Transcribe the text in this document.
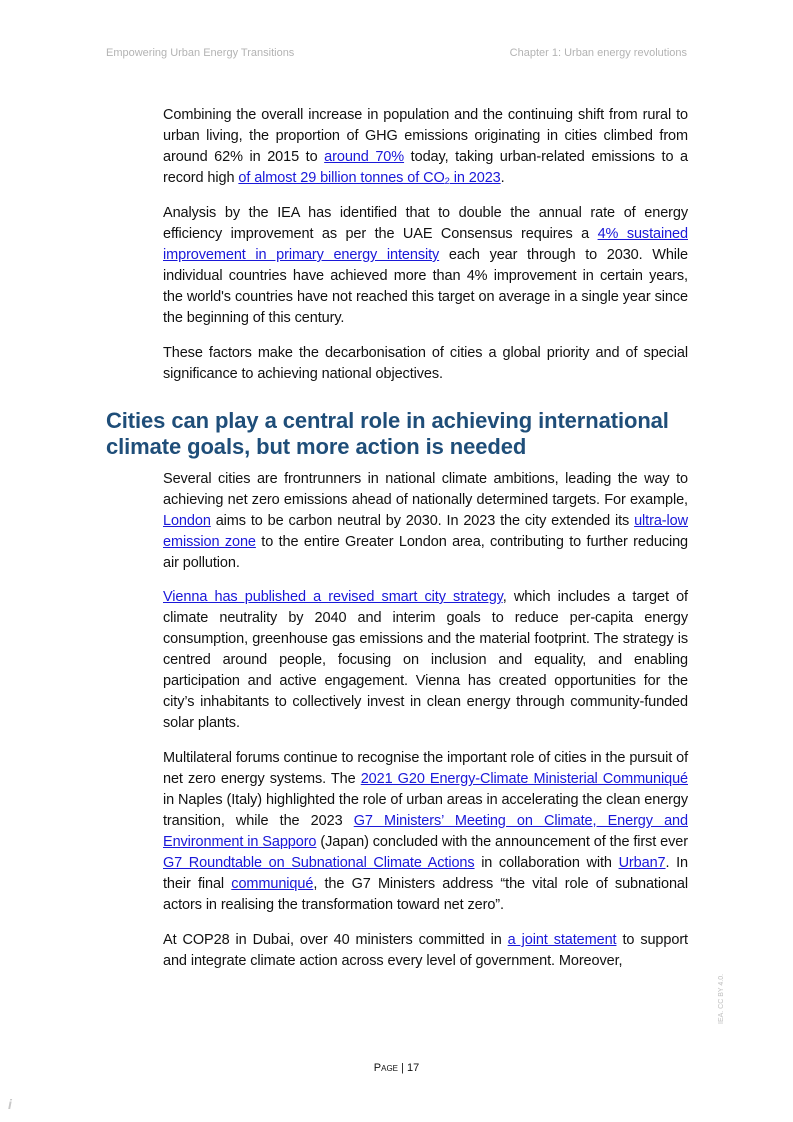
Empowering Urban Energy Transitions	Chapter 1: Urban energy revolutions

Combining the overall increase in population and the continuing shift from rural to urban living, the proportion of GHG emissions originating in cities climbed from around 62% in 2015 to around 70% today, taking urban-related emissions to a record high of almost 29 billion tonnes of $CO_2$ in 2023.

Analysis by the IEA has identified that to double the annual rate of energy efficiency improvement as per the UAE Consensus requires a 4% sustained improvement in primary energy intensity each year through to 2030. While individual countries have achieved more than 4% improvement in certain years, the world's countries have not reached this target on average in a single year since the beginning of this century.

These factors make the decarbonisation of cities a global priority and of special significance to achieving national objectives.

Cities can play a central role in achieving international climate goals, but more action is needed

Several cities are frontrunners in national climate ambitions, leading the way to achieving net zero emissions ahead of nationally determined targets. For example, London aims to be carbon neutral by 2030. In 2023 the city extended its ultra-low emission zone to the entire Greater London area, contributing to further reducing air pollution.

Vienna has published a revised smart city strategy, which includes a target of climate neutrality by 2040 and interim goals to reduce per-capita energy consumption, greenhouse gas emissions and the material footprint. The strategy is centred around people, focusing on inclusion and equality, and enabling participation and active engagement. Vienna has created opportunities for the city’s inhabitants to collectively invest in clean energy through community-funded solar plants.

Multilateral forums continue to recognise the important role of cities in the pursuit of net zero energy systems. The 2021 G20 Energy-Climate Ministerial Communiqué in Naples (Italy) highlighted the role of urban areas in accelerating the clean energy transition, while the 2023 G7 Ministers’ Meeting on Climate, Energy and Environment in Sapporo (Japan) concluded with the announcement of the first ever G7 Roundtable on Subnational Climate Actions in collaboration with Urban7. In their final communiqué, the G7 Ministers address “the vital role of subnational actors in realising the transformation toward net zero”.

At COP28 in Dubai, over 40 ministers committed in a joint statement to support and integrate climate action across every level of government. Moreover,

Page | 17
IEA. CC BY 4.0.
i
